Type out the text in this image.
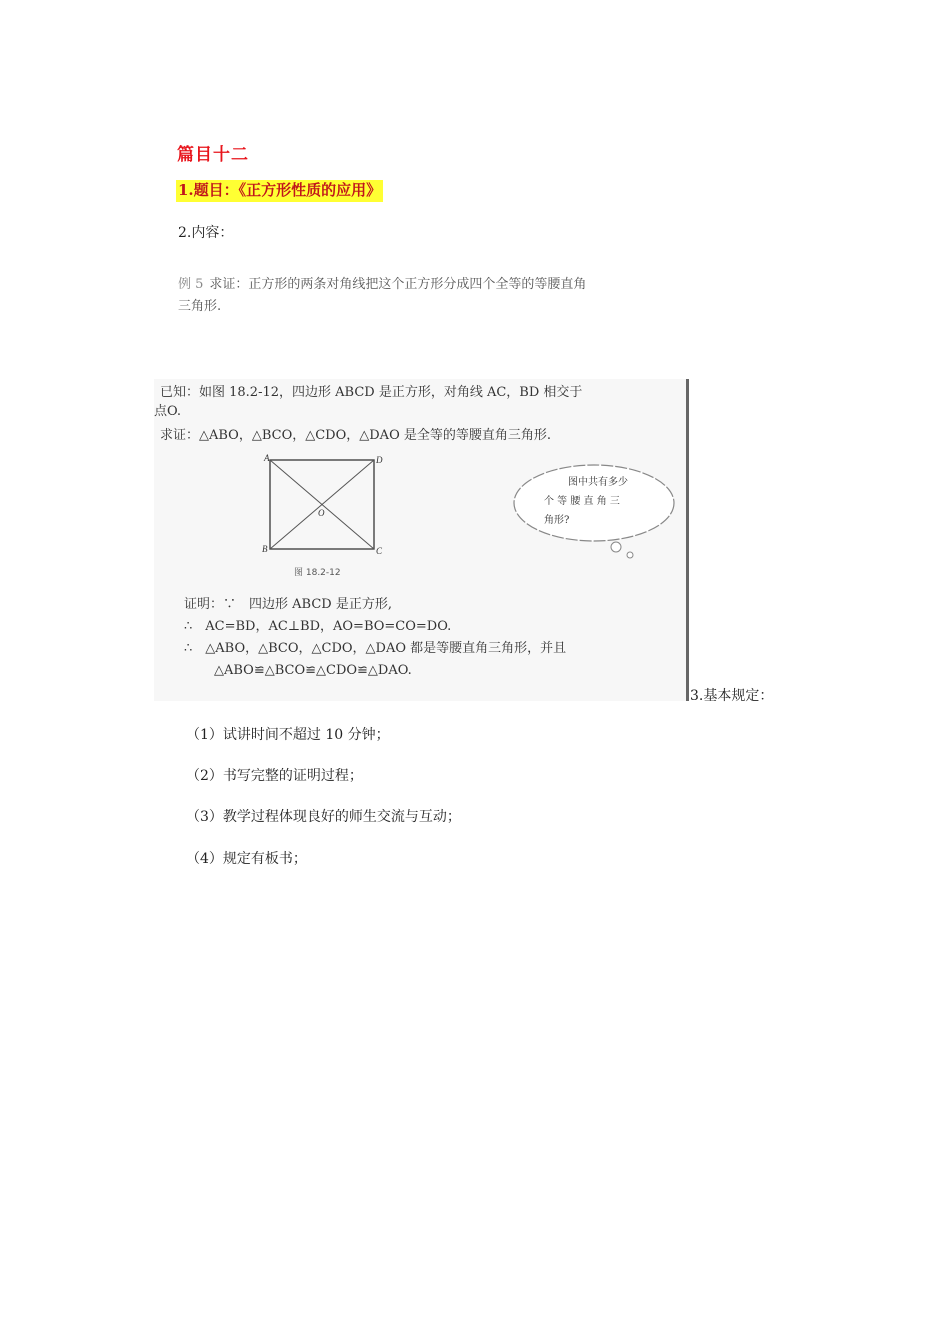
篇目十二
1.题目：《正方形性质的应用》
2.内容：
例 5 求证：正方形的两条对角线把这个正方形分成四个全等的等腰直角
三角形.
已知：如图 18.2-12，四边形 ABCD 是正方形，对角线 AC，BD 相交于
点O.
求证：△ABO，△BCO，△CDO，△DAO 是全等的等腰直角三角形.
A	D
B	C
O
图 18.2-12
图中共有多少
个 等 腰 直 角 三
角形?
证明：∵　四边形 ABCD 是正方形,
∴　AC=BD，AC⊥BD，AO=BO=CO=DO.
∴　△ABO，△BCO，△CDO，△DAO 都是等腰直角三角形，并且
△ABO≌△BCO≌△CDO≌△DAO.
3.基本规定：
（1）试讲时间不超过 10 分钟；
（2）书写完整的证明过程；
（3）教学过程体现良好的师生交流与互动；
（4）规定有板书；
